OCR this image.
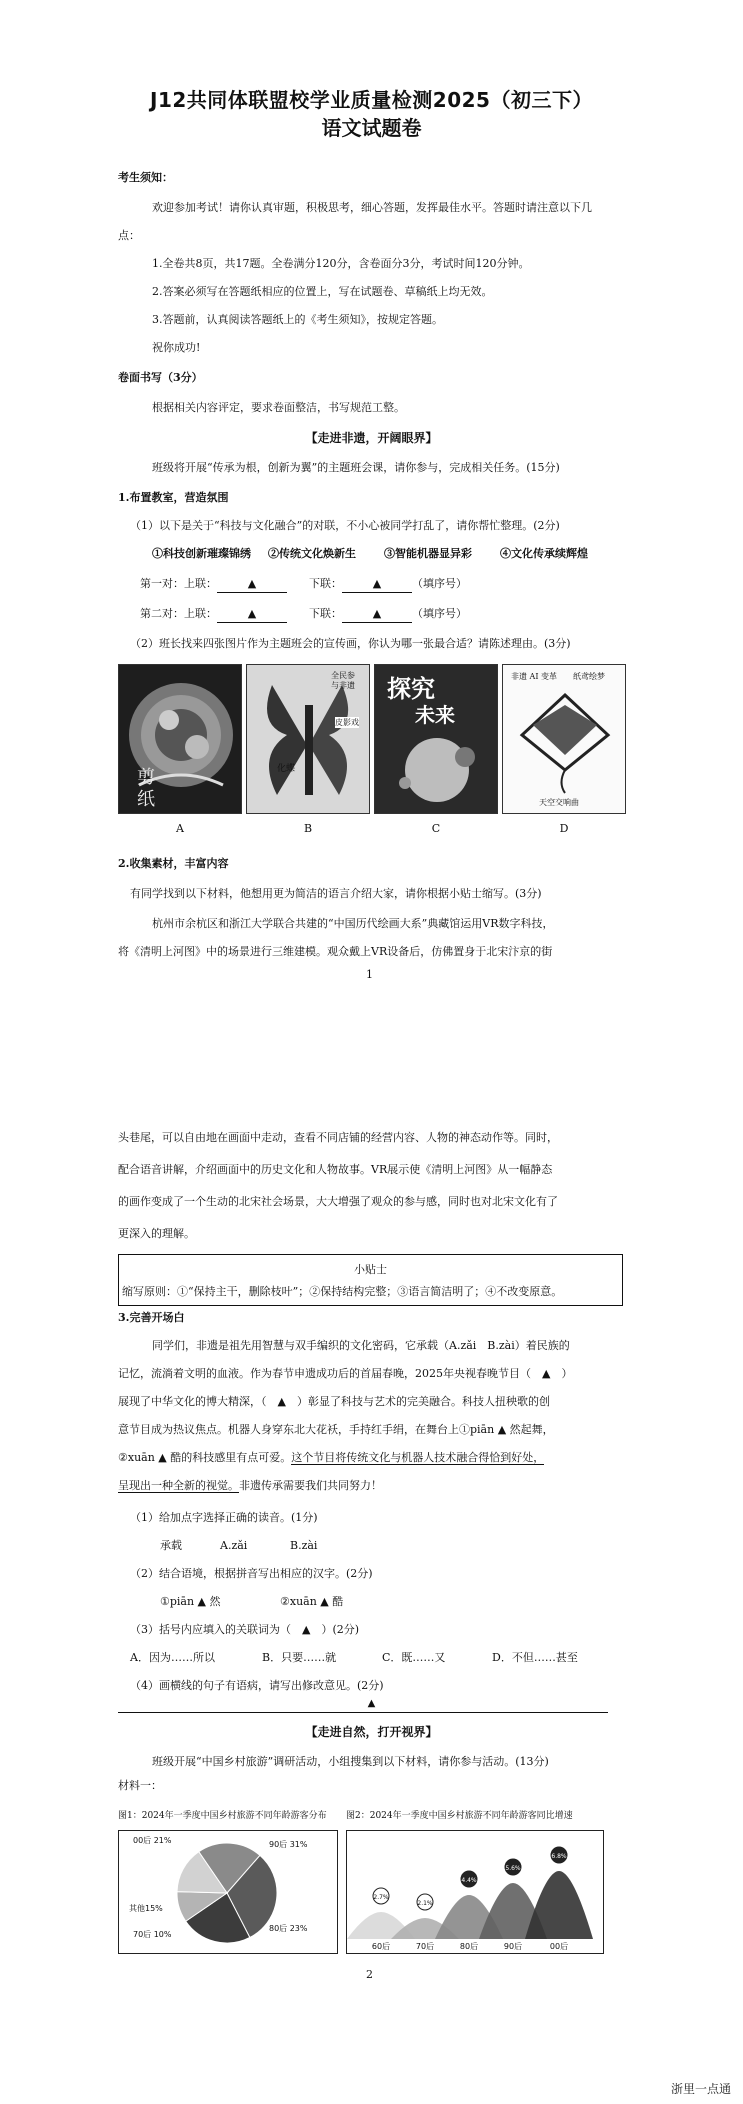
J12共同体联盟校学业质量检测2025（初三下）
语文试题卷
考生须知：
欢迎参加考试！请你认真审题，积极思考，细心答题，发挥最佳水平。答题时请注意以下几
点：
1.全卷共8页，共17题。全卷满分120分，含卷面分3分，考试时间120分钟。
2.答案必须写在答题纸相应的位置上，写在试题卷、草稿纸上均无效。
3.答题前，认真阅读答题纸上的《考生须知》，按规定答题。
祝你成功!
卷面书写（3分）
根据相关内容评定，要求卷面整洁，书写规范工整。
【走进非遗，开阔眼界】
班级将开展“传承为根，创新为翼”的主题班会课，请你参与，完成相关任务。(15分)
1.布置教室，营造氛围
（1）以下是关于“科技与文化融合”的对联，不小心被同学打乱了，请你帮忙整理。(2分)
①科技创新璀璨锦绣 ②传统文化焕新生	③智能机器显异彩	④文化传承续辉煌
第一对：上联：	▲　　	下联：	▲	（填序号）
第二对：上联：	▲　　	下联：	▲	（填序号）
（2）班长找来四张图片作为主题班会的宣传画，你认为哪一张最合适？请陈述理由。(3分)
剪
纸
全民参与非遗
皮影戏
化蝶
探究
未来
非遗 AI 变革 纸鸢绘梦
天空交响曲
A	B	C	D
2.收集素材，丰富内容
有同学找到以下材料，他想用更为简洁的语言介绍大家，请你根据小贴士缩写。(3分)
杭州市余杭区和浙江大学联合共建的“中国历代绘画大系”典藏馆运用VR数字科技，
将《清明上河图》中的场景进行三维建模。观众戴上VR设备后，仿佛置身于北宋汴京的街
1
头巷尾，可以自由地在画面中走动，查看不同店铺的经营内容、人物的神态动作等。同时，
配合语音讲解，介绍画面中的历史文化和人物故事。VR展示使《清明上河图》从一幅静态
的画作变成了一个生动的北宋社会场景，大大增强了观众的参与感，同时也对北宋文化有了
更深入的理解。
小贴士
缩写原则：①“保持主干，删除枝叶”；②保持结构完整；③语言简洁明了；④不改变原意。
3.完善开场白
同学们，非遗是祖先用智慧与双手编织的文化密码，它承载（A.zǎi　B.zài）着民族的
记忆，流淌着文明的血液。作为春节申遗成功后的首届春晚，2025年央视春晚节目（　▲　）
展现了中华文化的博大精深，（　▲　）彰显了科技与艺术的完美融合。科技人扭秧歌的创
意节目成为热议焦点。机器人身穿东北大花袄，手持红手绢，在舞台上①piān ▲ 然起舞，
②xuān ▲ 酷的科技感里有点可爱。这个节目将传统文化与机器人技术融合得恰到好处，
呈现出一种全新的视觉。非遗传承需要我们共同努力！
（1）给加点字选择正确的读音。(1分)
承载	A.zǎi	B.zài
（2）结合语境，根据拼音写出相应的汉字。(2分)
①piān ▲ 然	②xuān ▲ 酷
（3）括号内应填入的关联词为（　▲　）(2分)
A．因为……所以	B．只要……就	C．既……又	D．不但……甚至
（4）画横线的句子有语病，请写出修改意见。(2分)
▲
【走进自然，打开视界】
班级开展“中国乡村旅游”调研活动，小组搜集到以下材料，请你参与活动。(13分)
材料一：
图1：2024年一季度中国乡村旅游不同年龄游客分布 图2：2024年一季度中国乡村旅游不同年龄游客同比增速
00后 21%	90后 31%
80后 23%
70后 10%
其他15%
2.7%
60后
2.1%
70后
4.4%
80后
5.6%
90后
6.8%
00后
2
浙里一点通
